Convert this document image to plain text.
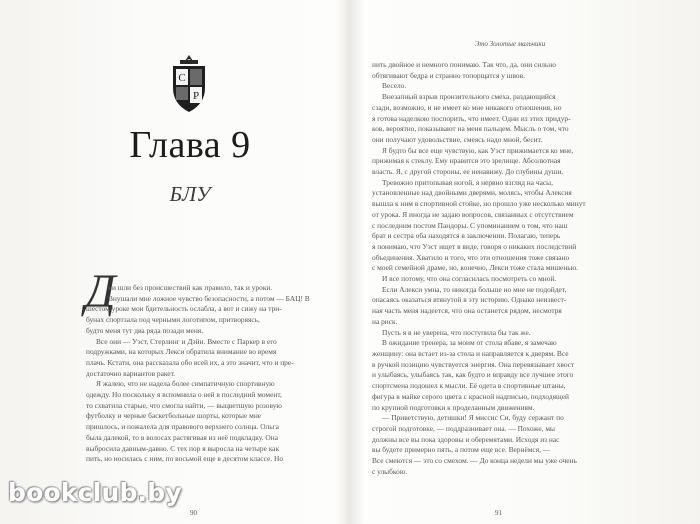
С
Р
Глава 9
БЛУ
Д

ни шли без происшествий как правило, так и уроки.

Внушали мне ложное чувство безопасности, а потом — БАЦ! В

шестом уроке мои бдительность ослабла, а вот и сижу на три-

бунах спортзала под черными логотипом, притворяясь,

будто меня тут два ряда позади меня.

Все они — Уэст, Стерлинг и Дэйн. Вместе с Паркер в его

подружками, на которых Лекси обратила внимание во время

плачь. Кстати, она рассказала обо всей их, а это значит, что и пре-

достаточно вариантов ракет.

Я жалею, что не надела более симпатичную спортивную

одежду. Но поскольку я вспомнила о ней в последний момент,

то схватила старые, что смогла найти, — выцветшую розовую

футболку и черные баскетбольные шорты, которые мне

пришлось, и пожалела для правового верхнего солнца. Ольга

была далекой, то в волосах растягивая из неё подкладку. Она

выбросила давным-давно. С тех пор я выросла на четыре как

пить, но носилась с ним, по восьмой еще в десятом классе. Но

90
Это Золотые мальчики

нить двойное и немного понимаю. Так что, да, они сильно

обтягивают бедра и странно топорщатся у швов.

Весело.

Внезапный взрыв пронзительного смеха, раздающийся

сзади, возможно, и не имеет ко мне никакого отношения, но

я готова наделкою поспорить, что имеет. Одни из этих придур-

ков, вероятно, показывают на меня пальцем. Мысль о том, что

они получают удовольствие, смеясь надо мной, бесит.

Я будто бы все еще чувствую, как Уэст прижимается ко мне,

прижимая к стеклу. Ему нравится это зрелище. Абсолютная

власть. Я, с другой стороны, ее ненавижу. До глубины души.

Тревожно притопывая ногой, я нервно взгляд на часы,

установленные над двойными дверями, молясь, чтобы Алексия

вышла к ним в спортивной стойке, но прошло уже несколько минут

от урока. Я иногда не задаю вопросов, связанных с отсутствием

с последним постом Пандоры. С упоминанием о том, что наш

брат и сестра оба находятся в заключении. Полагаю, теперь

я понимаю, что Уэст ищет в виде, говоря о никаких последствий

объединения. Хватило и того, что эти отношения тоже связано

с моей семейной драме, но, конечно, Лекси тоже стала мишенью.

И все потому, что она согласилась посмотреть со мной.

Если Алекси умна, то никогда больше но мне не подойдет,

опасаясь оказаться втянутой в эту историю. Однако неизвест-

ная часть меня надеется, что она останется рядом, несмотря

на риск.

Пусть я в не уверена, что поступила бы так же.

В ожидание тренера, за моим от стола вбаве, я замечаю

женщину: она встает из-за стола и направляется к дверям. Все

в ручкой позицию чувствуется энергия. Она перевязывает хвост

и улыбаясь, улыбаясь так, как будто и вправду все лучшее этого

спортсмена подошел к мысли. Её одета в спортивные штаны,

фигура в майке серого цвета с красной надписью, подходящей

по крупной подготовки к проделанным движениям.

— Приветствую, детишки! Я миссис Си, буду сержант по

строгой подготовке, — поддразнивает она. — Похоже, мы

должны все вы пока здоровы и оберемятами. Исходя из нас

вы будете примерно пять, а потом еще все. Вернёмся, —

Все смеются — это со смехом. — До конца недели мы уже очень

с улыбкою.

91
bookclub.by
